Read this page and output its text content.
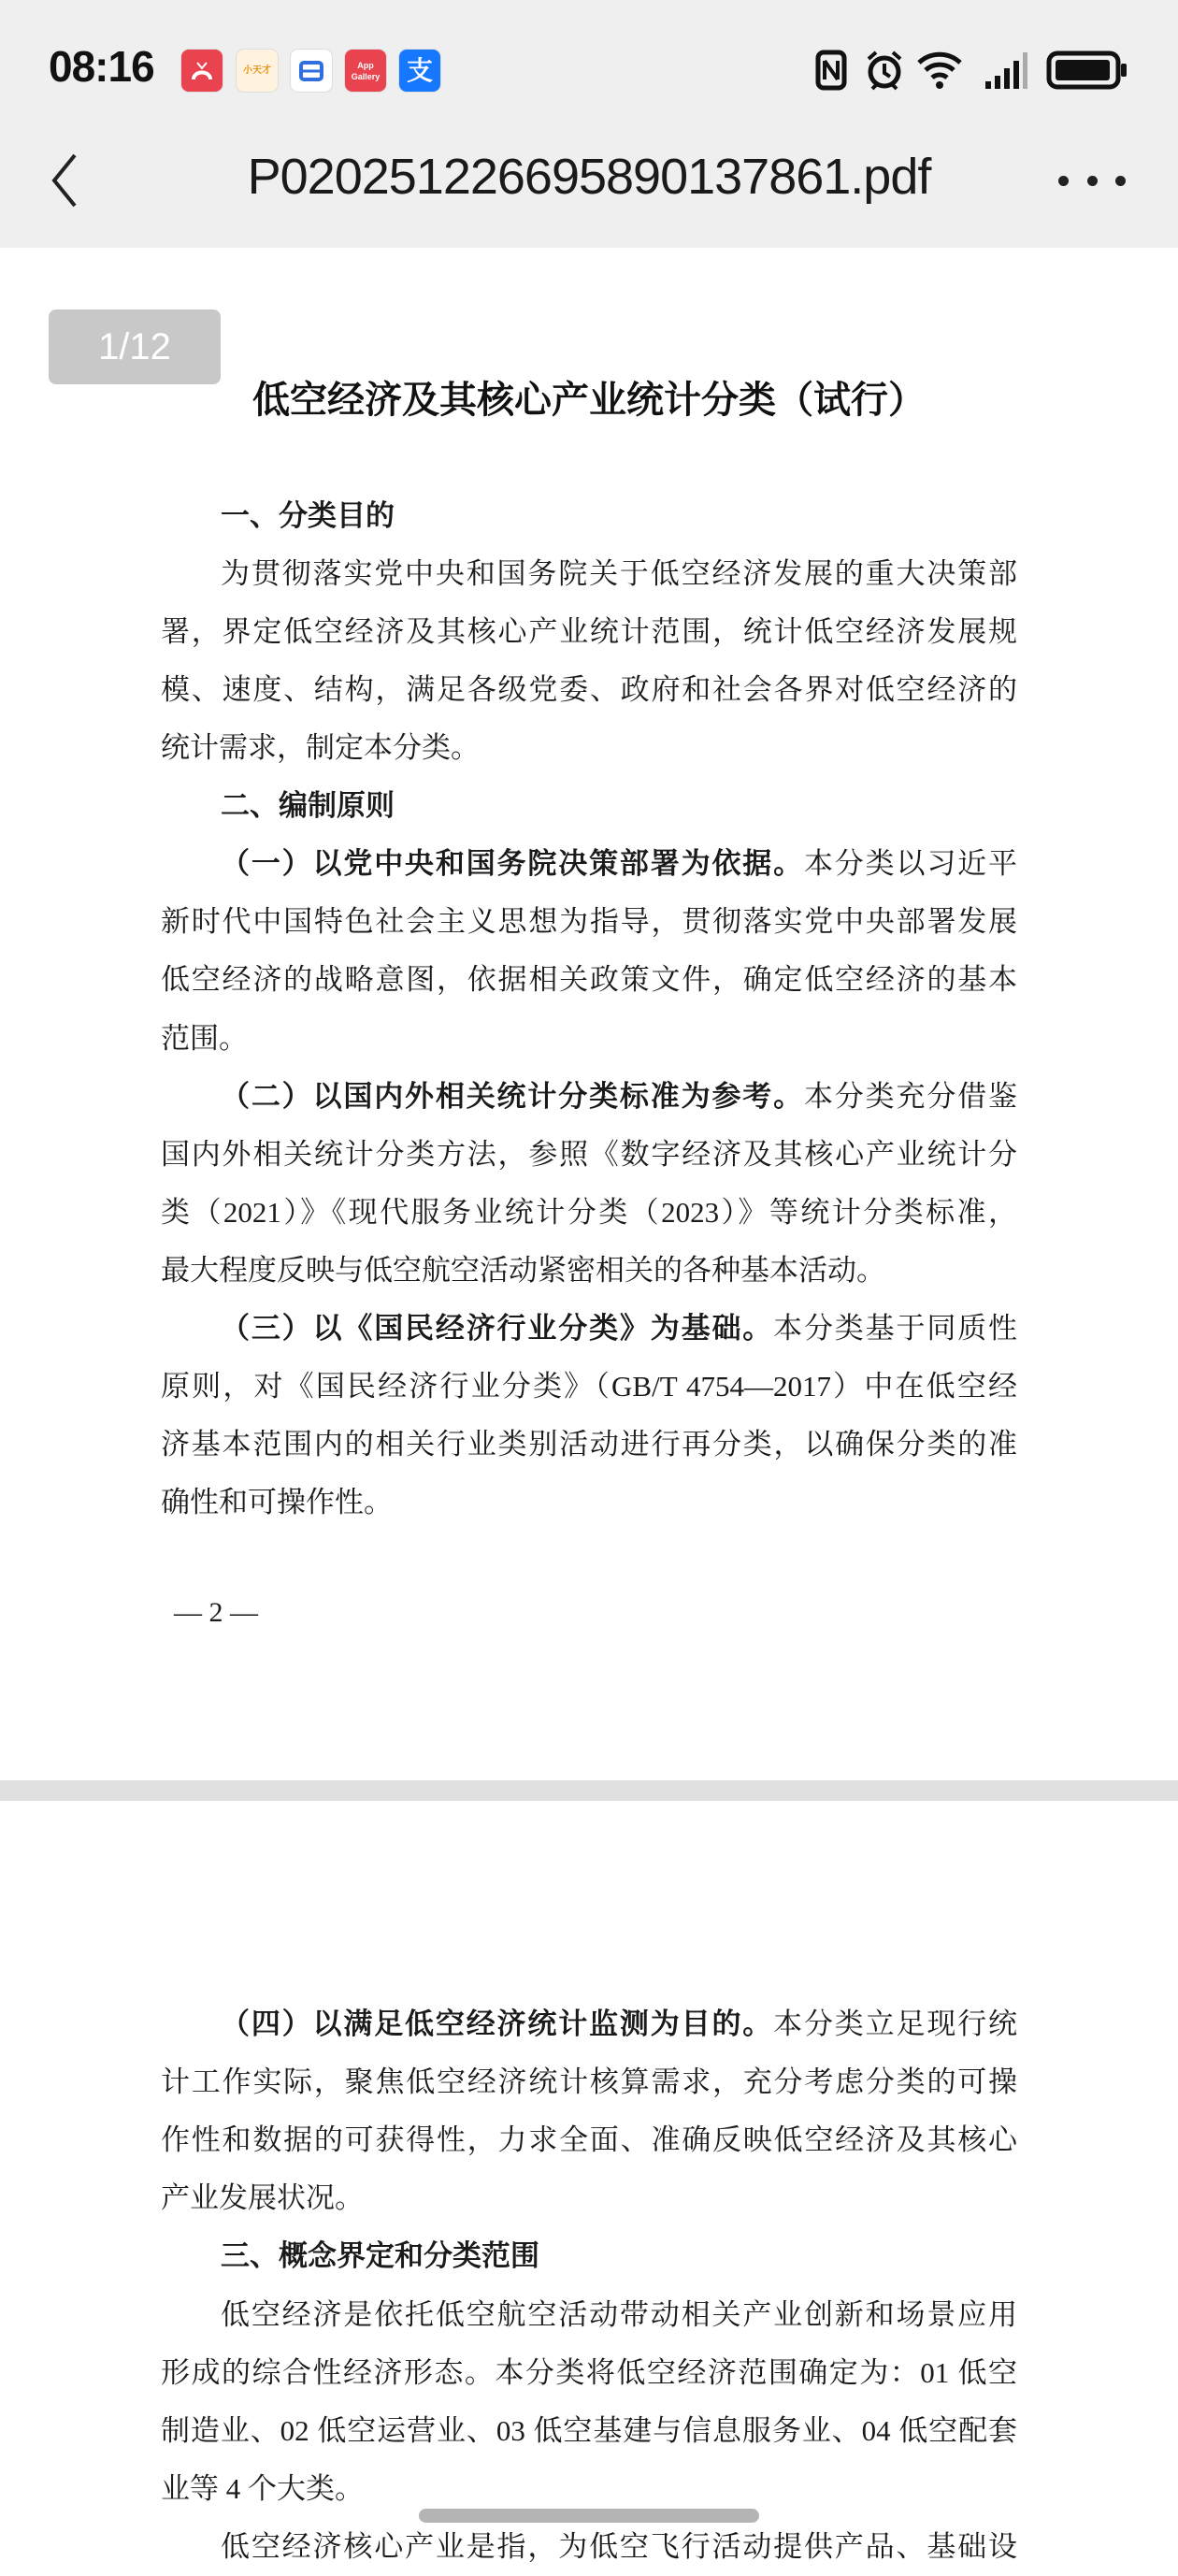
08:16	小天才	App Gallery	支
P020251226695890137861.pdf
1/12
低空经济及其核心产业统计分类（试行）
一、分类目的
为贯彻落实党中央和国务院关于低空经济发展的重大决策部
署，界定低空经济及其核心产业统计范围，统计低空经济发展规
模、速度、结构，满足各级党委、政府和社会各界对低空经济的
统计需求，制定本分类。
二、编制原则
（一）以党中央和国务院决策部署为依据。本分类以习近平
新时代中国特色社会主义思想为指导，贯彻落实党中央部署发展
低空经济的战略意图，依据相关政策文件，确定低空经济的基本
范围。
（二）以国内外相关统计分类标准为参考。本分类充分借鉴
国内外相关统计分类方法，参照《数字经济及其核心产业统计分
类（2021）》《现代服务业统计分类（2023）》等统计分类标准，
最大程度反映与低空航空活动紧密相关的各种基本活动。
（三）以《国民经济行业分类》为基础。本分类基于同质性
原则，对《国民经济行业分类》（GB/T 4754—2017）中在低空经
济基本范围内的相关行业类别活动进行再分类，以确保分类的准
确性和可操作性。
— 2 —
（四）以满足低空经济统计监测为目的。本分类立足现行统
计工作实际，聚焦低空经济统计核算需求，充分考虑分类的可操
作性和数据的可获得性，力求全面、准确反映低空经济及其核心
产业发展状况。
三、概念界定和分类范围
低空经济是依托低空航空活动带动相关产业创新和场景应用
形成的综合性经济形态。本分类将低空经济范围确定为：01 低空
制造业、02 低空运营业、03 低空基建与信息服务业、04 低空配套
业等 4 个大类。
低空经济核心产业是指，为低空飞行活动提供产品、基础设
